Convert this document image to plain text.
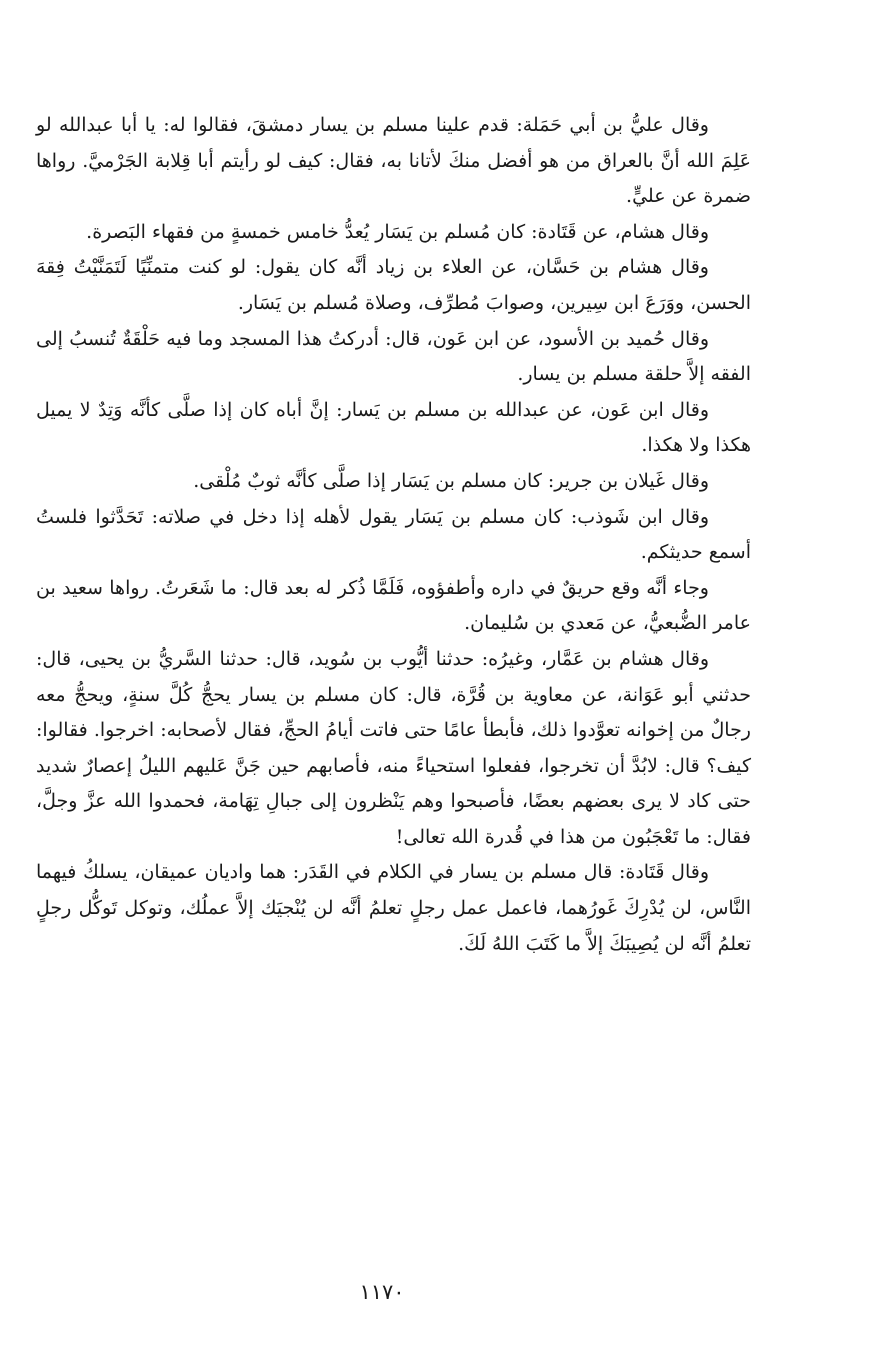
وقال عليُّ بن أبي حَمَلة: قدم علينا مسلم بن يسار دمشقَ، فقالوا له: يا أبا عبدالله لو عَلِمَ الله أنَّ بالعراق من هو أفضل منكَ لأتانا به، فقال: كيف لو رأيتم أبا قِلابة الجَرْميَّ. رواها ضمرة عن عليٍّ.

وقال هشام، عن قَتَادة: كان مُسلم بن يَسَار يُعدُّ خامس خمسةٍ من فقهاء البَصرة.

وقال هشام بن حَسَّان، عن العلاء بن زياد أنَّه كان يقول: لو كنت متمنِّيًا لَتَمَنَّيْتُ فِقهَ الحسن، ووَرَعَ ابن سِيرين، وصوابَ مُطرِّف، وصلاة مُسلم بن يَسَار.

وقال حُميد بن الأسود، عن ابن عَون، قال: أدركتُ هذا المسجد وما فيه حَلْقَةٌ تُنسبُ إلى الفقه إلاَّ حلقة مسلم بن يسار.

وقال ابن عَون، عن عبدالله بن مسلم بن يَسار: إنَّ أباه كان إذا صلَّى كأنَّه وَتِدٌ لا يميل هكذا ولا هكذا.

وقال غَيلان بن جرير: كان مسلم بن يَسَار إذا صلَّى كأنَّه ثوبٌ مُلْقى.

وقال ابن شَوذب: كان مسلم بن يَسَار يقول لأهله إذا دخل في صلاته: تَحَدَّثوا فلستُ أسمع حديثكم.

وجاء أنَّه وقع حريقٌ في داره وأطفؤوه، فَلَمَّا ذُكر له بعد قال: ما شَعَرتُ. رواها سعيد بن عامر الضُّبعيُّ، عن مَعدي بن سُليمان.

وقال هشام بن عَمَّار، وغيرُه: حدثنا أيُّوب بن سُويد، قال: حدثنا السَّريُّ بن يحيى، قال: حدثني أبو عَوَانة، عن معاوية بن قُرَّة، قال: كان مسلم بن يسار يحجُّ كُلَّ سنةٍ، ويحجُّ معه رجالٌ من إخوانه تعوَّدوا ذلك، فأبطأ عامًا حتى فاتت أيامُ الحجِّ، فقال لأصحابه: اخرجوا. فقالوا: كيف؟ قال: لابُدَّ أن تخرجوا، ففعلوا استحياءً منه، فأصابهم حين جَنَّ عَليهم الليلُ إعصارٌ شديد حتى كاد لا يرى بعضهم بعضًا، فأصبحوا وهم يَنْظرون إلى جبالِ تِهَامة، فحمدوا الله عزَّ وجلَّ، فقال: ما تَعْجَبُون من هذا في قُدرة الله تعالى!

وقال قَتَادة: قال مسلم بن يسار في الكلام في القَدَر: هما واديان عميقان، يسلكُ فيهما النَّاس، لن يُدْرِكَ غَورُهما، فاعمل عمل رجلٍ تعلمُ أنَّه لن يُنْجيَك إلاَّ عملُك، وتوكل تَوكُّل رجلٍ تعلمُ أنَّه لن يُصِيبَكَ إلاَّ ما كَتَبَ اللهُ لَكَ.

١١٧٠
